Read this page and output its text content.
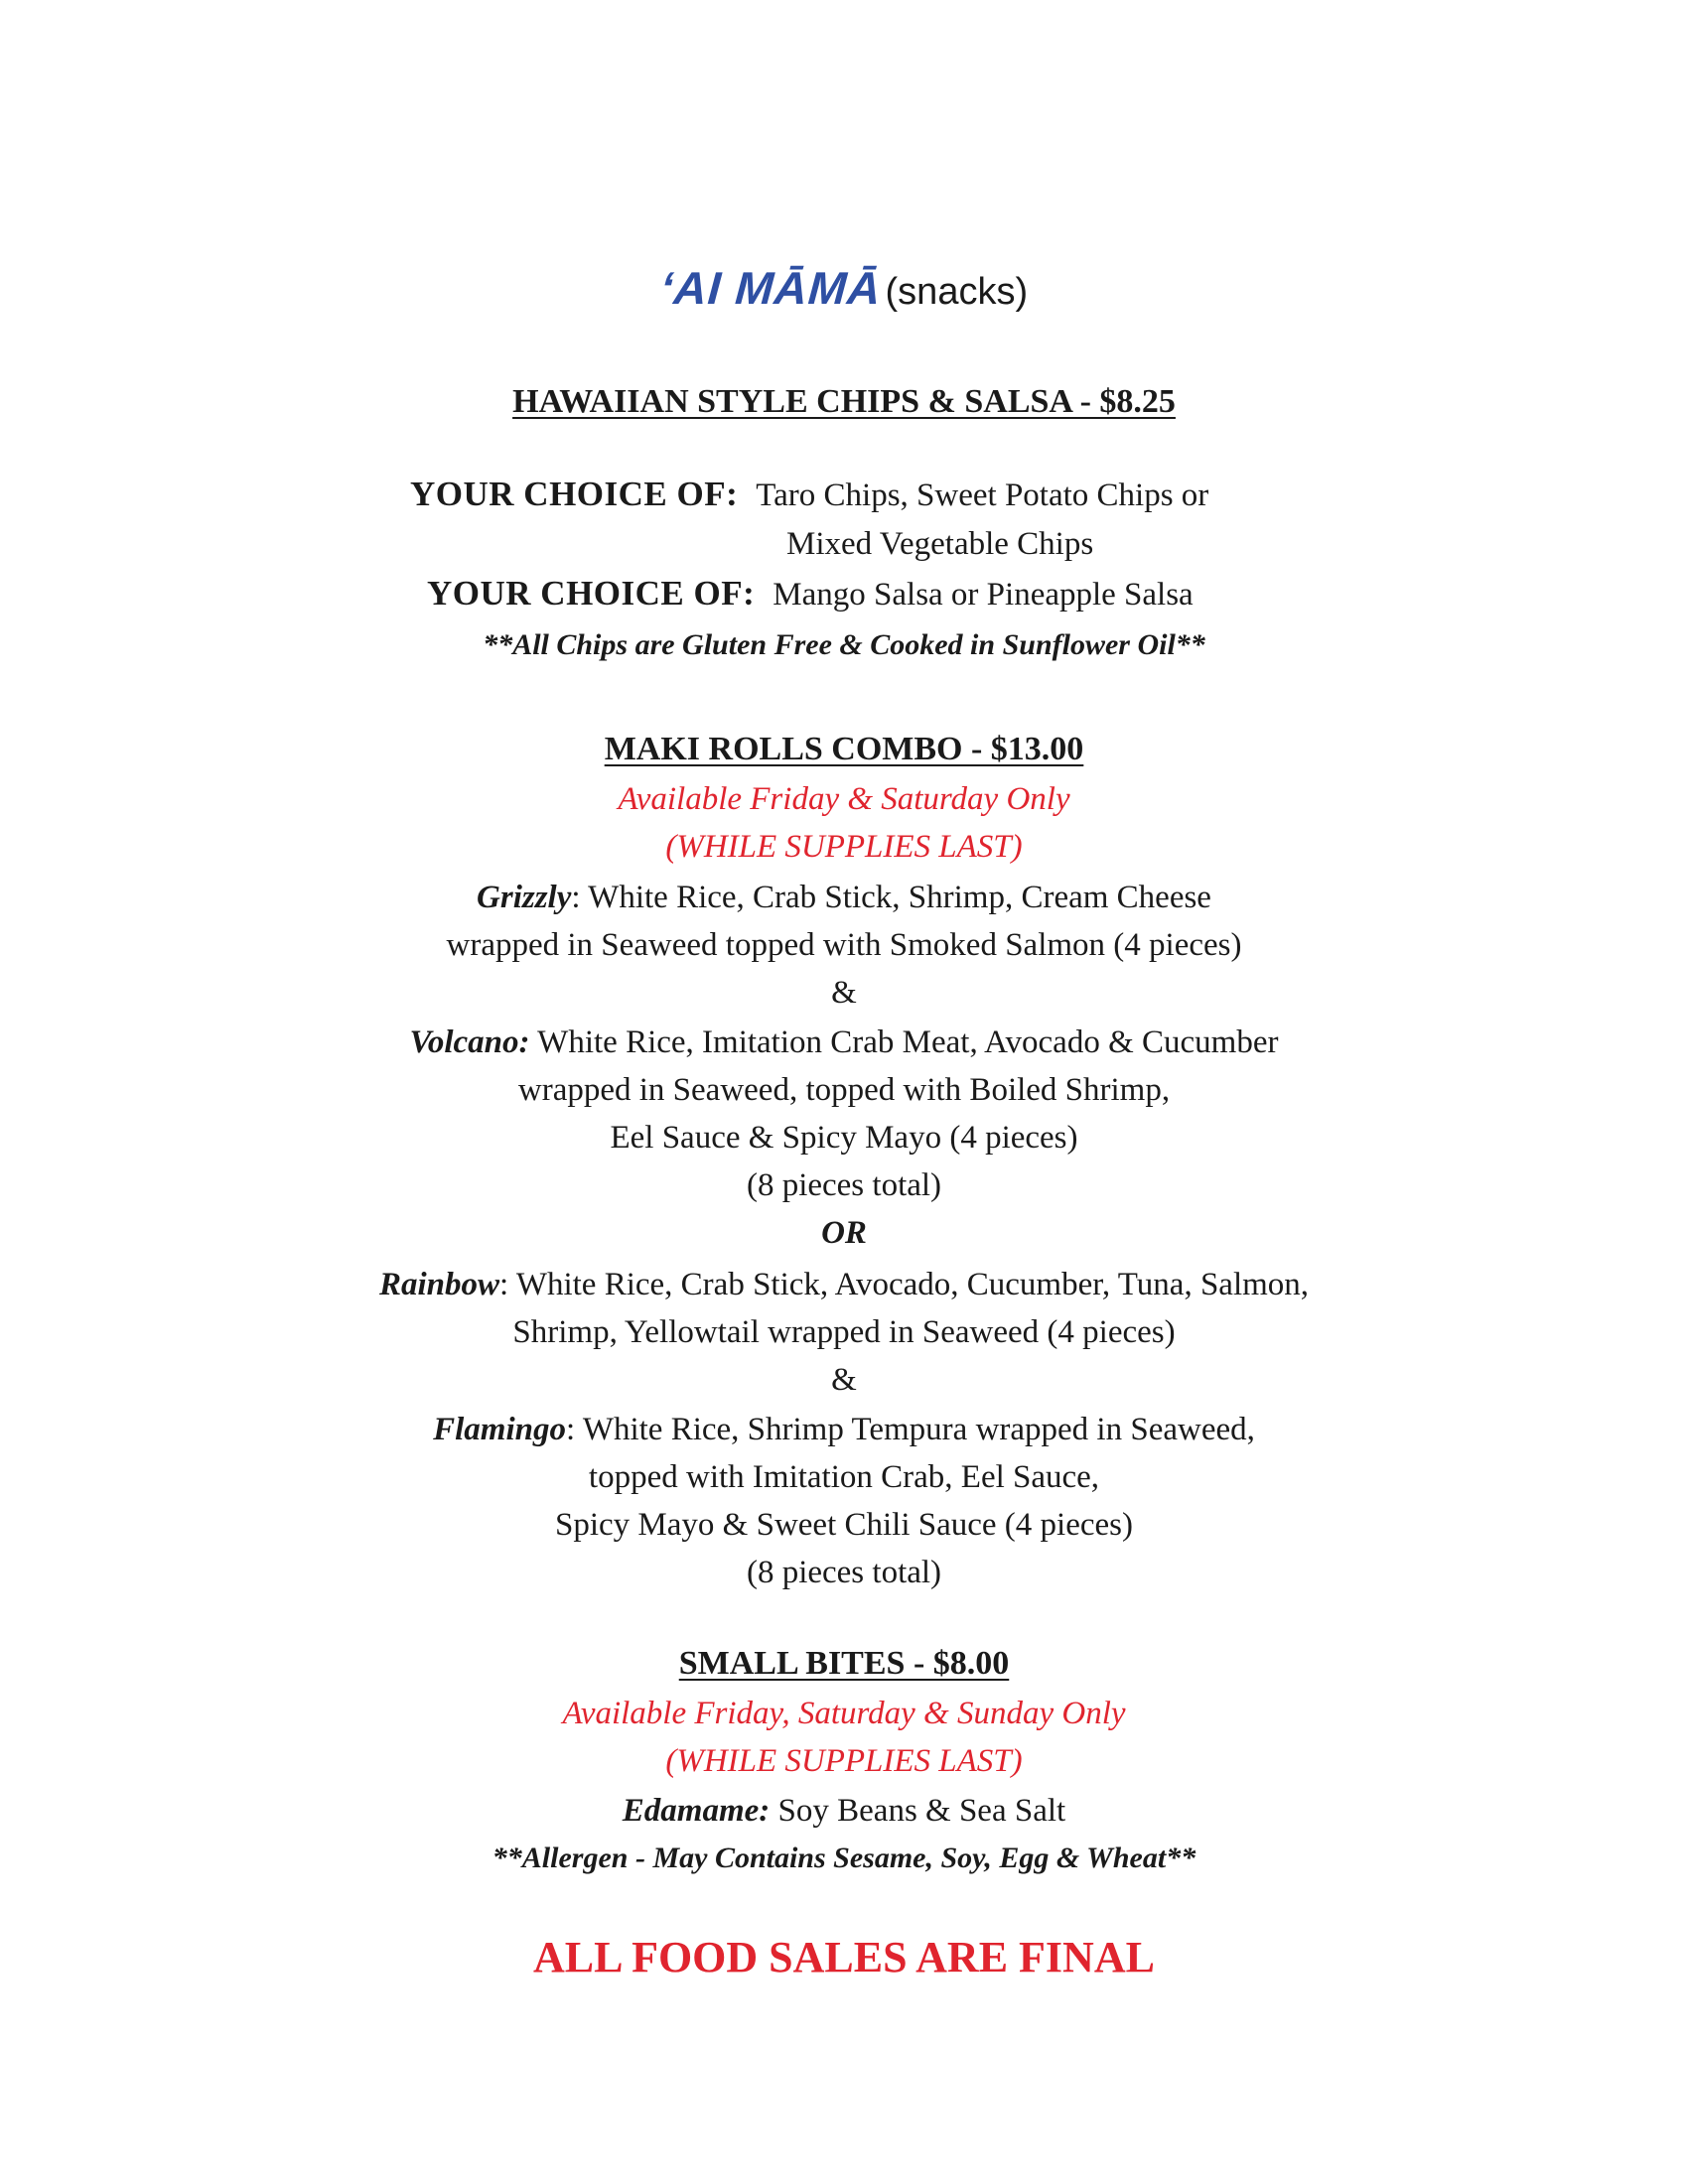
‘AI MĀMĀ(snacks)
HAWAIIAN STYLE CHIPS & SALSA - $8.25
YOUR CHOICE OF: Taro Chips, Sweet Potato Chips or
Mixed Vegetable Chips
YOUR CHOICE OF: Mango Salsa or Pineapple Salsa
**All Chips are Gluten Free & Cooked in Sunflower Oil**
MAKI ROLLS COMBO - $13.00
Available Friday & Saturday Only
(WHILE SUPPLIES LAST)
Grizzly: White Rice, Crab Stick, Shrimp, Cream Cheese
wrapped in Seaweed topped with Smoked Salmon (4 pieces)
&
Volcano: White Rice, Imitation Crab Meat, Avocado & Cucumber
wrapped in Seaweed, topped with Boiled Shrimp,
Eel Sauce & Spicy Mayo (4 pieces)
(8 pieces total)
OR
Rainbow: White Rice, Crab Stick, Avocado, Cucumber, Tuna, Salmon,
Shrimp, Yellowtail wrapped in Seaweed (4 pieces)
&
Flamingo: White Rice, Shrimp Tempura wrapped in Seaweed,
topped with Imitation Crab, Eel Sauce,
Spicy Mayo & Sweet Chili Sauce (4 pieces)
(8 pieces total)
SMALL BITES - $8.00
Available Friday, Saturday & Sunday Only
(WHILE SUPPLIES LAST)
Edamame: Soy Beans & Sea Salt
**Allergen - May Contains Sesame, Soy, Egg & Wheat**
ALL FOOD SALES ARE FINAL
